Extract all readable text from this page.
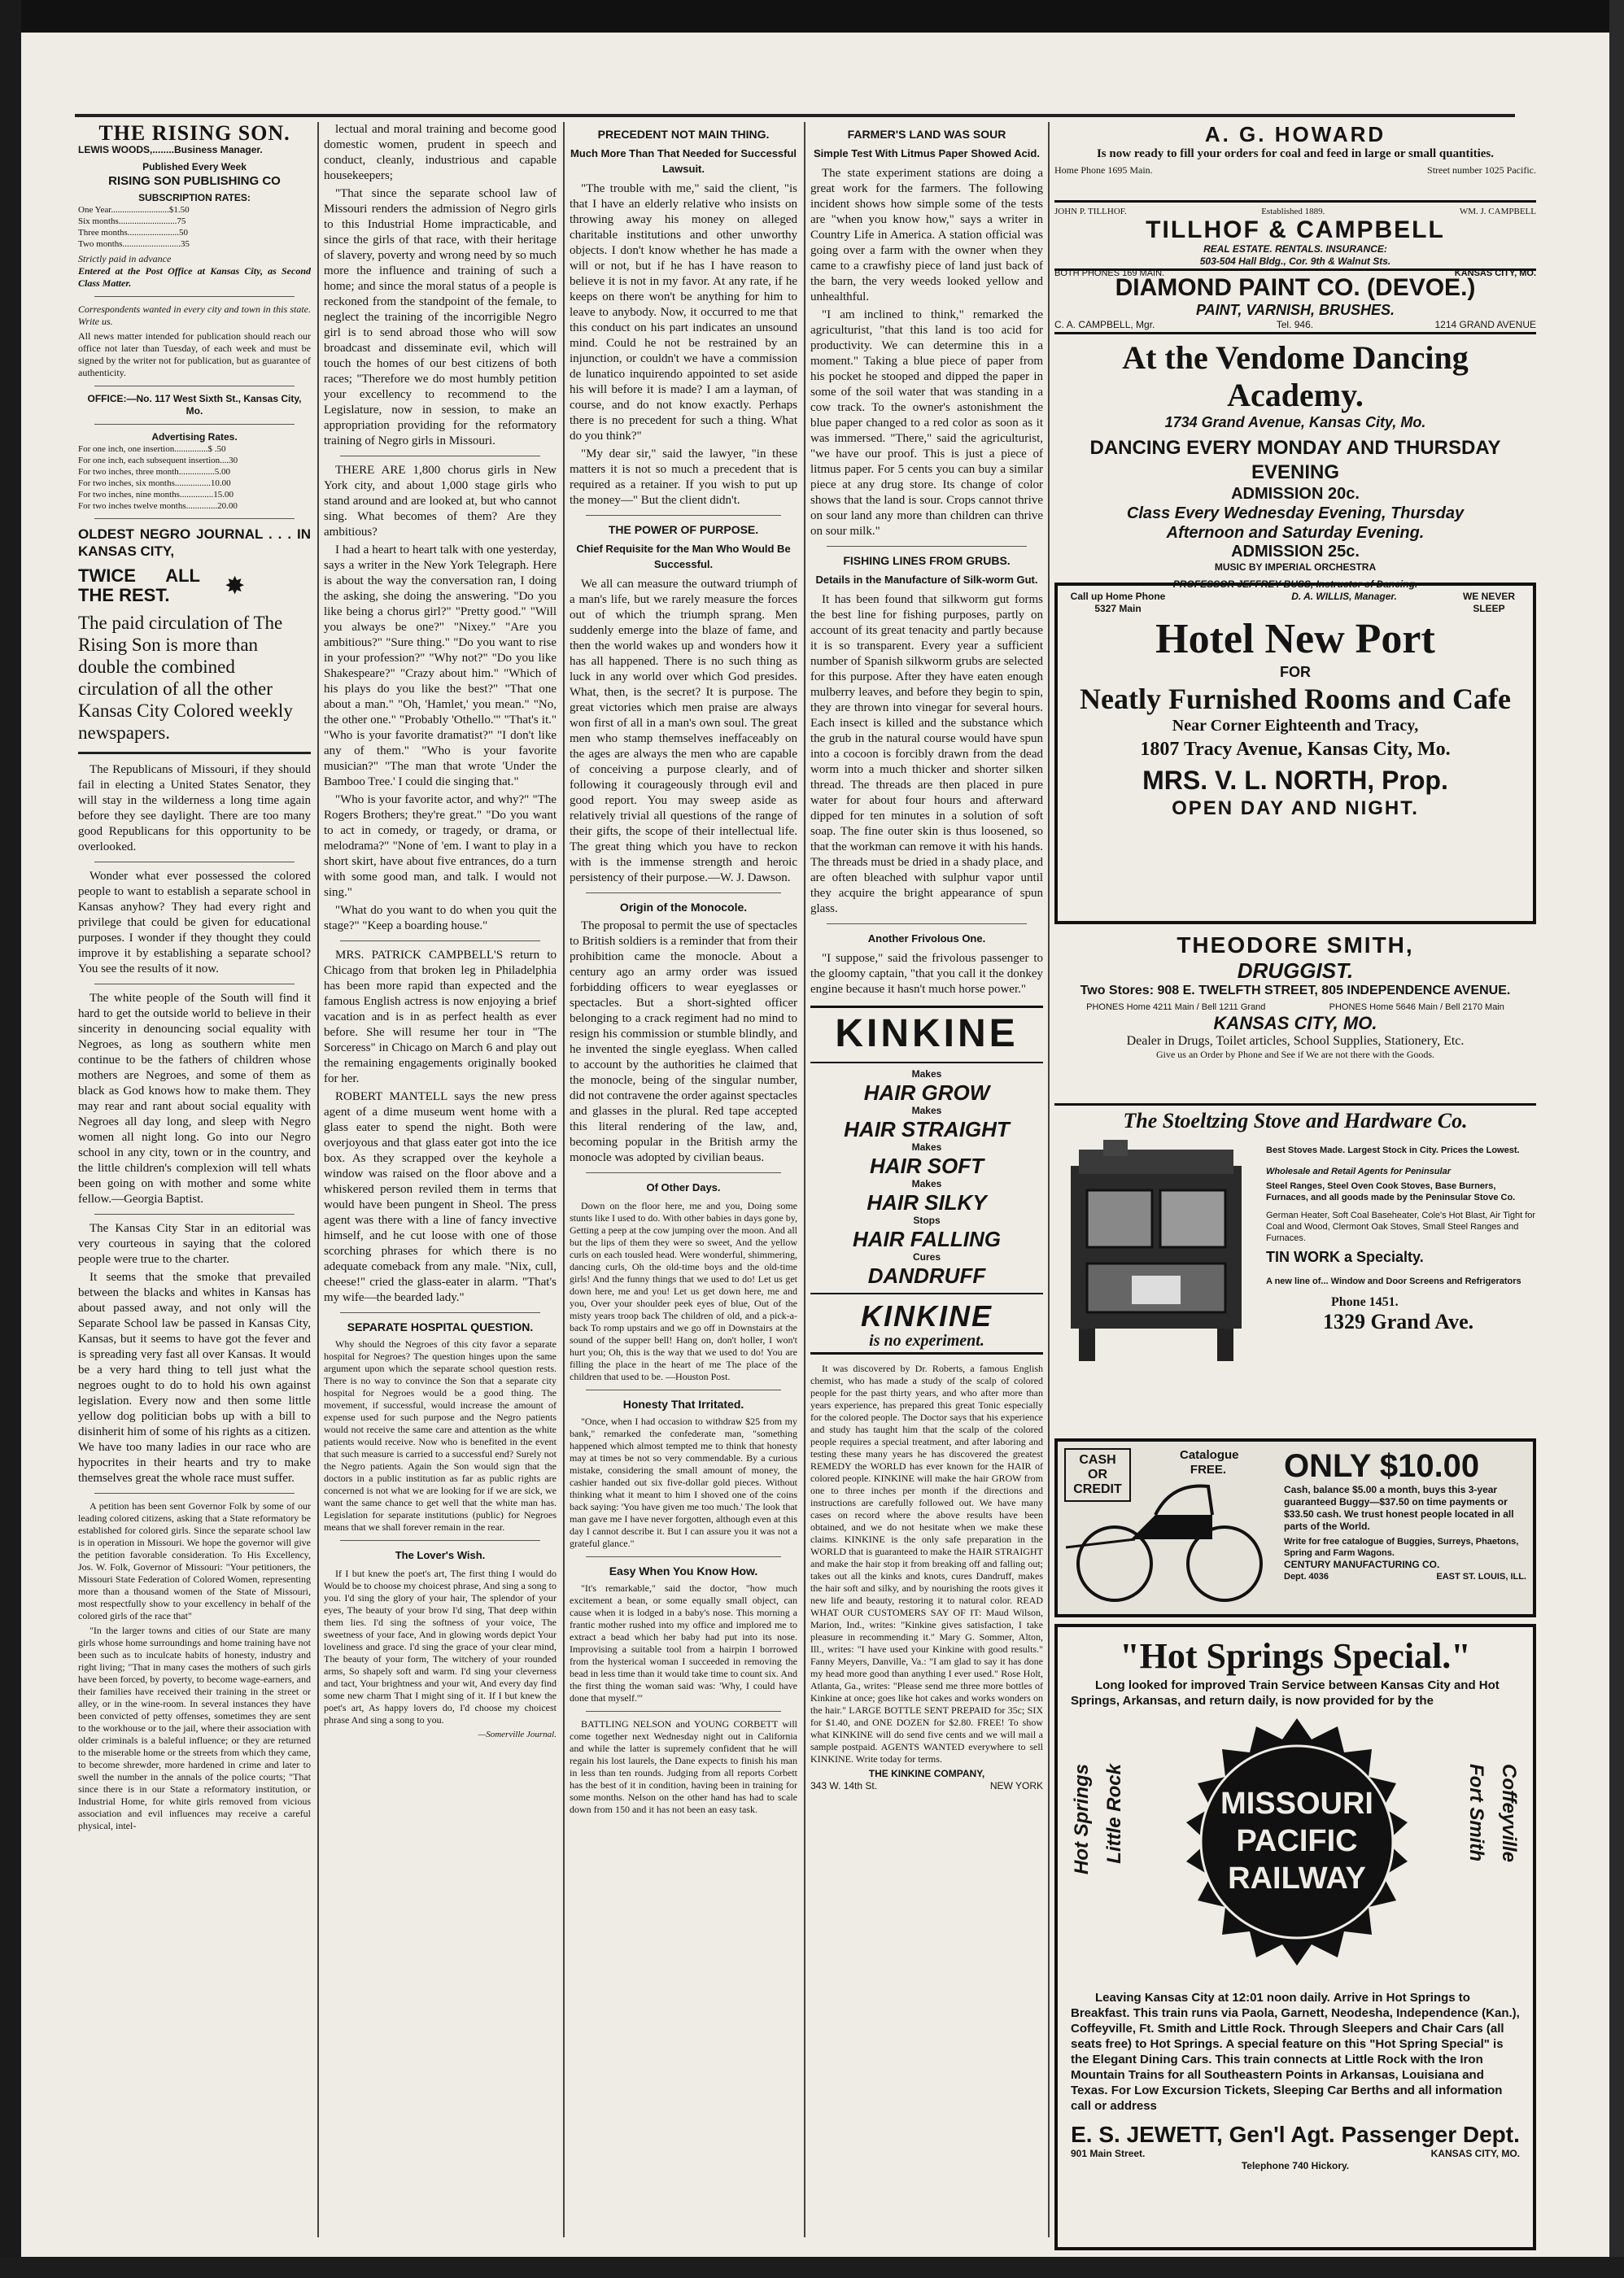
THE RISING SON.
LEWIS WOODS,........Business Manager.
Published Every Week
RISING SON PUBLISHING CO
SUBSCRIPTION RATES:
One Year..........................$1.50
Six months..........................75
Three months.......................50
Two months..........................35
Strictly paid in advance
Entered at the Post Office at Kansas City, as Second Class Matter.
Correspondents wanted in every city and town in this state. Write us.
All news matter intended for publication should reach our office not later than Tuesday, of each week and must be signed by the writer not for publication, but as guarantee of authenticity.
OFFICE:—No. 117 West Sixth St., Kansas City, Mo.
Advertising Rates.
For one inch, one insertion...............$ .50
For one inch, each subsequent insertion....30
For two inches, three month................5.00
For two inches, six months................10.00
For two inches, nine months...............15.00
For two inches twelve months..............20.00
OLDEST NEGRO JOURNAL . . . IN KANSAS CITY,
TWICE ALL THE REST.	✸
The paid circulation of The Rising Son is more than double the combined circulation of all the other Kansas City Colored weekly newspapers.

The Republicans of Missouri, if they should fail in electing a United States Senator, they will stay in the wilderness a long time again before they see daylight. There are too many good Republicans for this opportunity to be overlooked.

Wonder what ever possessed the colored people to want to establish a separate school in Kansas anyhow? They had every right and privilege that could be given for educational purposes. I wonder if they thought they could improve it by establishing a separate school? You see the results of it now.

The white people of the South will find it hard to get the outside world to believe in their sincerity in denouncing social equality with Negroes, as long as southern white men continue to be the fathers of children whose mothers are Negroes, and some of them as black as God knows how to make them. They may rear and rant about social equality with Negroes all day long, and sleep with Negro women all night long. Go into our Negro school in any city, town or in the country, and the little children's complexion will tell whats been going on with mother and some white fellow.—Georgia Baptist.

The Kansas City Star in an editorial was very courteous in saying that the colored people were true to the charter.

It seems that the smoke that prevailed between the blacks and whites in Kansas has about passed away, and not only will the Separate School law be passed in Kansas City, Kansas, but it seems to have got the fever and is spreading very fast all over Kansas. It would be a very hard thing to tell just what the negroes ought to do to hold his own against legislation. Every now and then some little yellow dog politician bobs up with a bill to disinherit him of some of his rights as a citizen. We have too many ladies in our race who are hypocrites in their hearts and try to make themselves great the whole race must suffer.

A petition has been sent Governor Folk by some of our leading colored citizens, asking that a State reformatory be established for colored girls. Since the separate school law is in operation in Missouri. We hope the governor will give the petition favorable consideration. To His Excellency, Jos. W. Folk, Governor of Missouri: "Your petitioners, the Missouri State Federation of Colored Women, representing more than a thousand women of the State of Missouri, most respectfully show to your excellency in behalf of the colored girls of the race that"

"In the larger towns and cities of our State are many girls whose home surroundings and home training have not been such as to inculcate habits of honesty, industry and right living; "That in many cases the mothers of such girls have been forced, by poverty, to become wage-earners, and their families have received their training in the street or alley, or in the wine-room. In several instances they have been convicted of petty offenses, sometimes they are sent to the workhouse or to the jail, where their association with older criminals is a baleful influence; or they are returned to the miserable home or the streets from which they came, to become shrewder, more hardened in crime and later to swell the number in the annals of the police courts; "That since there is in our State a reformatory institution, or Industrial Home, for white girls removed from vicious association and evil influences may receive a careful physical, intel-

lectual and moral training and become good domestic women, prudent in speech and conduct, cleanly, industrious and capable housekeepers;

"That since the separate school law of Missouri renders the admission of Negro girls to this Industrial Home impracticable, and since the girls of that race, with their heritage of slavery, poverty and wrong need by so much more the influence and training of such a home; and since the moral status of a people is reckoned from the standpoint of the female, to neglect the training of the incorrigible Negro girl is to send abroad those who will sow broadcast and disseminate evil, which will touch the homes of our best citizens of both races; "Therefore we do most humbly petition your excellency to recommend to the Legislature, now in session, to make an appropriation providing for the reformatory training of Negro girls in Missouri.

THERE ARE 1,800 chorus girls in New York city, and about 1,000 stage girls who stand around and are looked at, but who cannot sing. What becomes of them? Are they ambitious?

I had a heart to heart talk with one yesterday, says a writer in the New York Telegraph. Here is about the way the conversation ran, I doing the asking, she doing the answering. "Do you like being a chorus girl?" "Pretty good." "Will you always be one?" "Nixey." "Are you ambitious?" "Sure thing." "Do you want to rise in your profession?" "Why not?" "Do you like Shakespeare?" "Crazy about him." "Which of his plays do you like the best?" "That one about a man." "Oh, 'Hamlet,' you mean." "No, the other one." "Probably 'Othello.'" "That's it." "Who is your favorite dramatist?" "I don't like any of them." "Who is your favorite musician?" "The man that wrote 'Under the Bamboo Tree.' I could die singing that."

"Who is your favorite actor, and why?" "The Rogers Brothers; they're great." "Do you want to act in comedy, or tragedy, or drama, or melodrama?" "None of 'em. I want to play in a short skirt, have about five entrances, do a turn with some good man, and talk. I would not sing."

"What do you want to do when you quit the stage?" "Keep a boarding house."

MRS. PATRICK CAMPBELL'S return to Chicago from that broken leg in Philadelphia has been more rapid than expected and the famous English actress is now enjoying a brief vacation and is in as perfect health as ever before. She will resume her tour in "The Sorceress" in Chicago on March 6 and play out the remaining engagements originally booked for her.

ROBERT MANTELL says the new press agent of a dime museum went home with a glass eater to spend the night. Both were overjoyous and that glass eater got into the ice box. As they scrapped over the keyhole a window was raised on the floor above and a whiskered person reviled them in terms that would have been pungent in Sheol. The press agent was there with a line of fancy invective himself, and he cut loose with one of those scorching phrases for which there is no adequate comeback from any male. "Nix, cull, cheese!" cried the glass-eater in alarm. "That's my wife—the bearded lady."

SEPARATE HOSPITAL QUESTION.

Why should the Negroes of this city favor a separate hospital for Negroes? The question hinges upon the same argument upon which the separate school question rests. There is no way to convince the Son that a separate city hospital for Negroes would be a good thing. The movement, if successful, would increase the amount of expense used for such purpose and the Negro patients would not receive the same care and attention as the white patients would receive. Now who is benefited in the event that such measure is carried to a successful end? Surely not the Negro patients. Again the Son would sign that the doctors in a public institution as far as public rights are concerned is not what we are looking for if we are sick, we want the same chance to get well that the white man has. Legislation for separate institutions (public) for Negroes means that we shall forever remain in the rear.

The Lover's Wish.

If I but knew the poet's art, The first thing I would do Would be to choose my choicest phrase, And sing a song to you. I'd sing the glory of your hair, The splendor of your eyes, The beauty of your brow I'd sing, That deep within them lies. I'd sing the softness of your voice, The sweetness of your face, And in glowing words depict Your loveliness and grace. I'd sing the grace of your clear mind, The beauty of your form, The witchery of your rounded arms, So shapely soft and warm. I'd sing your cleverness and tact, Your brightness and your wit, And every day find some new charm That I might sing of it. If I but knew the poet's art, As happy lovers do, I'd choose my choicest phrase And sing a song to you.

—Somerville Journal.
PRECEDENT NOT MAIN THING.
Much More Than That Needed for Successful Lawsuit.

"The trouble with me," said the client, "is that I have an elderly relative who insists on throwing away his money on alleged charitable institutions and other unworthy objects. I don't know whether he has made a will or not, but if he has I have reason to believe it is not in my favor. At any rate, if he keeps on there won't be anything for him to leave to anybody. Now, it occurred to me that this conduct on his part indicates an unsound mind. Could he not be restrained by an injunction, or couldn't we have a commission de lunatico inquirendo appointed to set aside his will before it is made? I am a layman, of course, and do not know exactly. Perhaps there is no precedent for such a thing. What do you think?"

"My dear sir," said the lawyer, "in these matters it is not so much a precedent that is required as a retainer. If you wish to put up the money—" But the client didn't.

THE POWER OF PURPOSE.
Chief Requisite for the Man Who Would Be Successful.

We all can measure the outward triumph of a man's life, but we rarely measure the forces out of which the triumph sprang. Men suddenly emerge into the blaze of fame, and then the world wakes up and wonders how it has all happened. There is no such thing as luck in any world over which God presides. What, then, is the secret? It is purpose. The great victories which men praise are always won first of all in a man's own soul. The great men who stamp themselves ineffaceably on the ages are always the men who are capable of conceiving a purpose clearly, and of following it courageously through evil and good report. You may sweep aside as relatively trivial all questions of the range of their gifts, the scope of their intellectual life. The great thing which you have to reckon with is the immense strength and heroic persistency of their purpose.—W. J. Dawson.

Origin of the Monocole.

The proposal to permit the use of spectacles to British soldiers is a reminder that from their prohibition came the monocle. About a century ago an army order was issued forbidding officers to wear eyeglasses or spectacles. But a short-sighted officer belonging to a crack regiment had no mind to resign his commission or stumble blindly, and he invented the single eyeglass. When called to account by the authorities he claimed that the monocle, being of the singular number, did not contravene the order against spectacles and glasses in the plural. Red tape accepted this literal rendering of the law, and, becoming popular in the British army the monocle was adopted by civilian beaus.

Of Other Days.

Down on the floor here, me and you, Doing some stunts like I used to do. With other babies in days gone by, Getting a peep at the cow jumping over the moon. And all but the lips of them they were so sweet, And the yellow curls on each tousled head. Were wonderful, shimmering, dancing curls, Oh the old-time boys and the old-time girls! And the funny things that we used to do! Let us get down here, me and you! Let us get down here, me and you, Over your shoulder peek eyes of blue, Out of the misty years troop back The children of old, and a pick-a-back To romp upstairs and we go off in Downstairs at the sound of the supper bell! Hang on, don't holler, I won't hurt you; Oh, this is the way that we used to do! You are filling the place in the heart of me The place of the children that used to be. —Houston Post.

Honesty That Irritated.

"Once, when I had occasion to withdraw $25 from my bank," remarked the confederate man, "something happened which almost tempted me to think that honesty may at times be not so very commendable. By a curious mistake, considering the small amount of money, the cashier handed out six five-dollar gold pieces. Without thinking what it meant to him I shoved one of the coins back saying: 'You have given me too much.' The look that man gave me I have never forgotten, although even at this day I cannot describe it. But I can assure you it was not a grateful glance."

Easy When You Know How.

"It's remarkable," said the doctor, "how much excitement a bean, or some equally small object, can cause when it is lodged in a baby's nose. This morning a frantic mother rushed into my office and implored me to extract a bead which her baby had put into its nose. Improvising a suitable tool from a hairpin I borrowed from the hysterical woman I succeeded in removing the bead in less time than it would take time to count six. And the first thing the woman said was: 'Why, I could have done that myself.'"

BATTLING NELSON and YOUNG CORBETT will come together next Wednesday night out in California and while the latter is supremely confident that he will regain his lost laurels, the Dane expects to finish his man in less than ten rounds. Judging from all reports Corbett has the best of it in condition, having been in training for some months. Nelson on the other hand has had to scale down from 150 and it has not been an easy task.

FARMER'S LAND WAS SOUR
Simple Test With Litmus Paper Showed Acid.

The state experiment stations are doing a great work for the farmers. The following incident shows how simple some of the tests are "when you know how," says a writer in Country Life in America. A station official was going over a farm with the owner when they came to a crawfishy piece of land just back of the barn, the very weeds looked yellow and unhealthful.

"I am inclined to think," remarked the agriculturist, "that this land is too acid for productivity. We can determine this in a moment." Taking a blue piece of paper from his pocket he stooped and dipped the paper in some of the soil water that was standing in a cow track. To the owner's astonishment the blue paper changed to a red color as soon as it was immersed. "There," said the agriculturist, "we have our proof. This is just a piece of litmus paper. For 5 cents you can buy a similar piece at any drug store. Its change of color shows that the land is sour. Crops cannot thrive on sour land any more than children can thrive on sour milk."

FISHING LINES FROM GRUBS.
Details in the Manufacture of Silk-worm Gut.

It has been found that silkworm gut forms the best line for fishing purposes, partly on account of its great tenacity and partly because it is so transparent. Every year a sufficient number of Spanish silkworm grubs are selected for this purpose. After they have eaten enough mulberry leaves, and before they begin to spin, they are thrown into vinegar for several hours. Each insect is killed and the substance which the grub in the natural course would have spun into a cocoon is forcibly drawn from the dead worm into a much thicker and shorter silken thread. The threads are then placed in pure water for about four hours and afterward dipped for ten minutes in a solution of soft soap. The fine outer skin is thus loosened, so that the workman can remove it with his hands. The threads must be dried in a shady place, and are often bleached with sulphur vapor until they acquire the bright appearance of spun glass.

Another Frivolous One.

"I suppose," said the frivolous passenger to the gloomy captain, "that you call it the donkey engine because it hasn't much horse power."

KINKINE
Makes
HAIR GROW
Makes
HAIR STRAIGHT
Makes
HAIR SOFT
Makes
HAIR SILKY
Stops
HAIR FALLING
Cures
DANDRUFF
KINKINE
is no experiment.

It was discovered by Dr. Roberts, a famous English chemist, who has made a study of the scalp of colored people for the past thirty years, and who after more than years experience, has prepared this great Tonic especially for the colored people. The Doctor says that his experience and study has taught him that the scalp of the colored people requires a special treatment, and after laboring and testing these many years he has discovered the greatest REMEDY the WORLD has ever known for the HAIR of colored people. KINKINE will make the hair GROW from one to three inches per month if the directions and instructions are carefully followed out. We have many cases on record where the above results have been obtained, and we do not hesitate when we make these claims. KINKINE is the only safe preparation in the WORLD that is guaranteed to make the HAIR STRAIGHT and make the hair stop it from breaking off and falling out; takes out all the kinks and knots, cures Dandruff, makes the hair soft and silky, and by nourishing the roots gives it new life and beauty, restoring it to natural color. READ WHAT OUR CUSTOMERS SAY OF IT: Maud Wilson, Marion, Ind., writes: "Kinkine gives satisfaction, I take pleasure in recommending it." Mary G. Sommer, Alton, Ill., writes: "I have used your Kinkine with good results." Fanny Meyers, Danville, Va.: "I am glad to say it has done my head more good than anything I ever used." Rose Holt, Atlanta, Ga., writes: "Please send me three more bottles of Kinkine at once; goes like hot cakes and works wonders on the hair." LARGE BOTTLE SENT PREPAID for 35c; SIX for $1.40, and ONE DOZEN for $2.80. FREE! To show what KINKINE will do send five cents and we will mail a sample postpaid. AGENTS WANTED everywhere to sell KINKINE. Write today for terms.

THE KINKINE COMPANY,
343 W. 14th St.	NEW YORK
A. G. HOWARD
Is now ready to fill your orders for coal and feed in large or small quantities.
Home Phone 1695 Main.	Street number 1025 Pacific.
JOHN P. TILLHOF.	Established 1889.	WM. J. CAMPBELL
TILLHOF & CAMPBELL
REAL ESTATE. RENTALS. INSURANCE:
503-504 Hall Bldg., Cor. 9th & Walnut Sts.
BOTH PHONES 169 MAIN.	KANSAS CITY, MO.
DIAMOND PAINT CO. (DEVOE.)
PAINT, VARNISH, BRUSHES.
C. A. CAMPBELL, Mgr.	Tel. 946.	1214 GRAND AVENUE
At the Vendome Dancing Academy.
1734 Grand Avenue, Kansas City, Mo.
DANCING EVERY MONDAY AND THURSDAY EVENING
ADMISSION 20c.
Class Every Wednesday Evening, Thursday
Afternoon and Saturday Evening.
ADMISSION 25c.
MUSIC BY IMPERIAL ORCHESTRA
PROFESSOR JEFFREY BUSS, Instructor of Dancing.
D. A. WILLIS, Manager.
Call up Home Phone 5327 Main
WE NEVER SLEEP
Hotel New Port
FOR
Neatly Furnished Rooms and Cafe
Near Corner Eighteenth and Tracy,
1807 Tracy Avenue, Kansas City, Mo.
MRS. V. L. NORTH, Prop.
OPEN DAY AND NIGHT.
THEODORE SMITH,
DRUGGIST.
Two Stores: 908 E. TWELFTH STREET, 805 INDEPENDENCE AVENUE.
PHONES Home 4211 Main / Bell 1211 Grand	PHONES Home 5646 Main / Bell 2170 Main
KANSAS CITY, MO.
Dealer in Drugs, Toilet articles, School Supplies, Stationery, Etc.
Give us an Order by Phone and See if We are not there with the Goods.
The Stoeltzing Stove and Hardware Co.
Best Stoves Made. Largest Stock in City. Prices the Lowest.
Wholesale and Retail Agents for Peninsular
Steel Ranges, Steel Oven Cook Stoves, Base Burners, Furnaces, and all goods made by the Peninsular Stove Co.
German Heater, Soft Coal Baseheater, Cole's Hot Blast, Air Tight for Coal and Wood, Clermont Oak Stoves, Small Steel Ranges and Furnaces.
TIN WORK a Specialty.
A new line of... Window and Door Screens and Refrigerators
Phone 1451.
1329 Grand Ave.
CASH OR CREDIT
Catalogue FREE.	ONLY $10.00
Cash, balance $5.00 a month, buys this 3-year guaranteed Buggy—$37.50 on time payments or $33.50 cash. We trust honest people located in all parts of the World.
Write for free catalogue of Buggies, Surreys, Phaetons, Spring and Farm Wagons.
CENTURY MANUFACTURING CO.
Dept. 4036	EAST ST. LOUIS, ILL.
"Hot Springs Special."
Long looked for improved Train Service between Kansas City and Hot Springs, Arkansas, and return daily, is now provided for by the
Hot Springs Little Rock	Fort Smith Coffeyville
MISSOURI
PACIFIC
RAILWAY
Leaving Kansas City at 12:01 noon daily. Arrive in Hot Springs to Breakfast. This train runs via Paola, Garnett, Neodesha, Independence (Kan.), Coffeyville, Ft. Smith and Little Rock. Through Sleepers and Chair Cars (all seats free) to Hot Springs. A special feature on this "Hot Spring Special" is the Elegant Dining Cars. This train connects at Little Rock with the Iron Mountain Trains for all Southeastern Points in Arkansas, Louisiana and Texas. For Low Excursion Tickets, Sleeping Car Berths and all information call or address
E. S. JEWETT, Gen'l Agt. Passenger Dept.
901 Main Street.	KANSAS CITY, MO.
Telephone 740 Hickory.
